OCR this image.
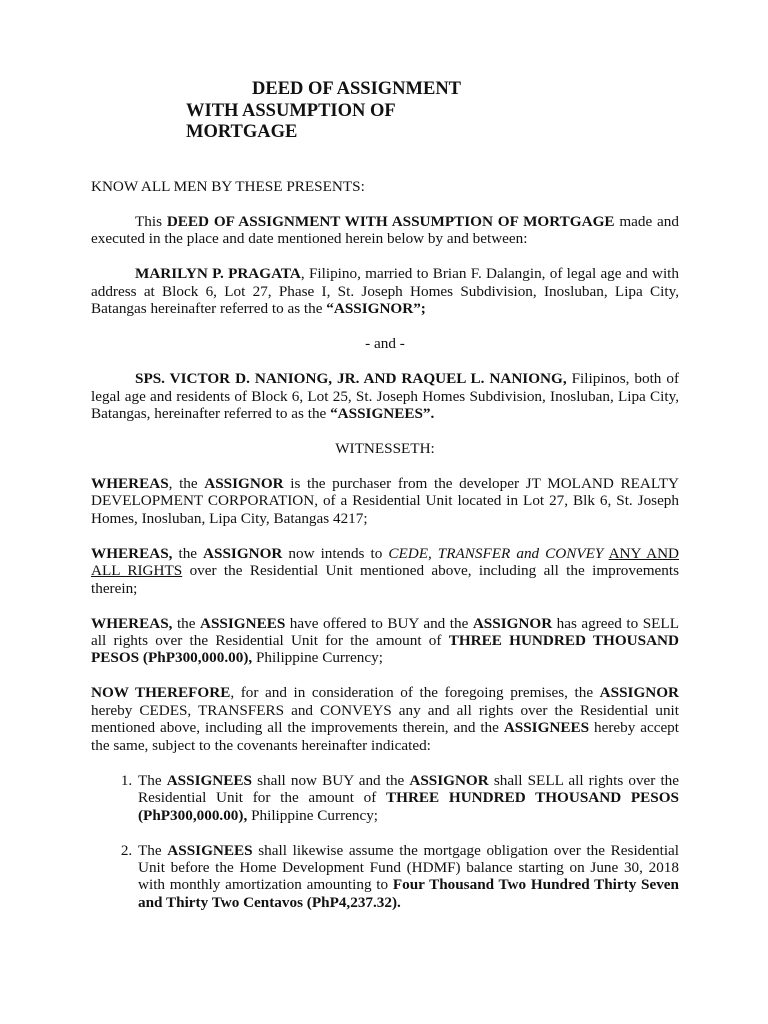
DEED OF ASSIGNMENT
WITH ASSUMPTION OF
MORTGAGE

KNOW ALL MEN BY THESE PRESENTS:

This DEED OF ASSIGNMENT WITH ASSUMPTION OF MORTGAGE made and executed in the place and date mentioned herein below by and between:

MARILYN P. PRAGATA, Filipino, married to Brian F. Dalangin, of legal age and with address at Block 6, Lot 27, Phase I, St. Joseph Homes Subdivision, Inosluban, Lipa City, Batangas hereinafter referred to as the “ASSIGNOR”;

- and -

SPS. VICTOR D. NANIONG, JR. AND RAQUEL L. NANIONG, Filipinos, both of legal age and residents of Block 6, Lot 25, St. Joseph Homes Subdivision, Inosluban, Lipa City, Batangas, hereinafter referred to as the “ASSIGNEES”.

WITNESSETH:

WHEREAS, the ASSIGNOR is the purchaser from the developer JT MOLAND REALTY DEVELOPMENT CORPORATION, of a Residential Unit located in Lot 27, Blk 6, St. Joseph Homes, Inosluban, Lipa City, Batangas 4217;

WHEREAS, the ASSIGNOR now intends to CEDE, TRANSFER and CONVEY ANY AND ALL RIGHTS over the Residential Unit mentioned above, including all the improvements therein;

WHEREAS, the ASSIGNEES have offered to BUY and the ASSIGNOR has agreed to SELL all rights over the Residential Unit for the amount of THREE HUNDRED THOUSAND PESOS (PhP300,000.00), Philippine Currency;

NOW THEREFORE, for and in consideration of the foregoing premises, the ASSIGNOR hereby CEDES, TRANSFERS and CONVEYS any and all rights over the Residential unit mentioned above, including all the improvements therein, and the ASSIGNEES hereby accept the same, subject to the covenants hereinafter indicated:

1. The ASSIGNEES shall now BUY and the ASSIGNOR shall SELL all rights over the Residential Unit for the amount of THREE HUNDRED THOUSAND PESOS (PhP300,000.00), Philippine Currency;
2. The ASSIGNEES shall likewise assume the mortgage obligation over the Residential Unit before the Home Development Fund (HDMF) balance starting on June 30, 2018 with monthly amortization amounting to Four Thousand Two Hundred Thirty Seven and Thirty Two Centavos (PhP4,237.32).
